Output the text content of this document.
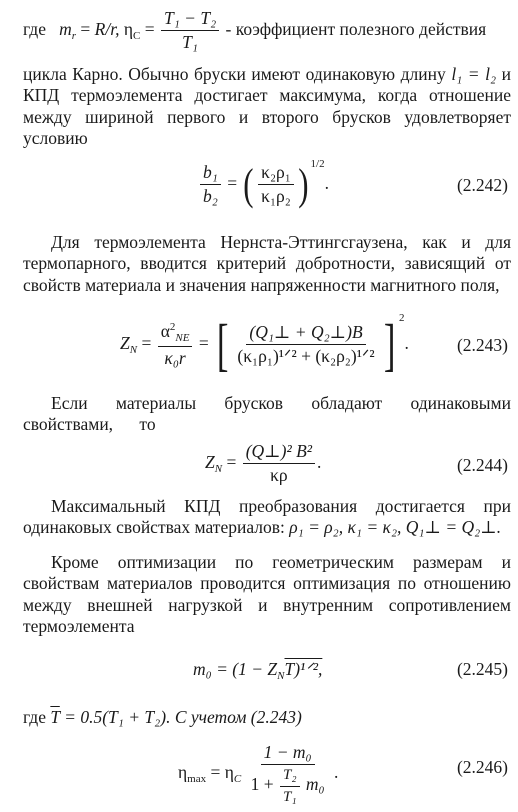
где $m_r = R/r$, $\eta_C = \frac{\text{T₁ − T₂}}{\text{T₁}}$ - коэффициент полезного действия
цикла Карно. Обычно бруски имеют одинаковую длину l₁ = l₂ и КПД термоэлемента достигает максимума, когда отношение между шириной первого и второго брусков удовлетворяет условию
$\frac{\text{b₁}}{\text{b₂}}$ = ( $\frac{\text{κ₂ρ₁}}{\text{κ₁ρ₂}}$ ) $^{1/2}$.	(2.242)
Для термоэлемента Нернста-Эттингсгаузена, как и для термопарного, вводится критерий добротности, зависящий от свойств материала и значения напряженности магнитного поля,
$Z_N = \frac{\alpha^2_{NE}}{\text{κ₀r}}$ = [ $\frac{\text{(Q₁⊥ + Q₂⊥)B}}{\text{(κ₁ρ₁)¹ᐟ² + (κ₂ρ₂)¹ᐟ²}}$ ] $^2$.	(2.243)
Если материалы брусков обладают одинаковыми свойствами, то
$Z_N = \frac{\text{(Q⊥)² B²}}{\kappa\rho}$ .	(2.244)
Максимальный КПД преобразования достигается при одинаковых свойствах материалов: ρ₁ = ρ₂, κ₁ = κ₂, Q₁⊥ = Q₂⊥.
Кроме оптимизации по геометрическим размерам и свойствам материалов проводится оптимизация по отношению между внешней нагрузкой и внутренним сопротивлением термоэлемента
$m_0 = (1 - Z_NT)^1ᐟ^2$,	(2.245)
где $\overline{T} = 0.5(T_1 + T_2)$. С учетом (2.243)
$\eta_{max} = \eta_C \frac{\text{1 − m₀}}{1 + \frac{\text{T₂}}{\text{T₁}} m_0}$ .	(2.246)
